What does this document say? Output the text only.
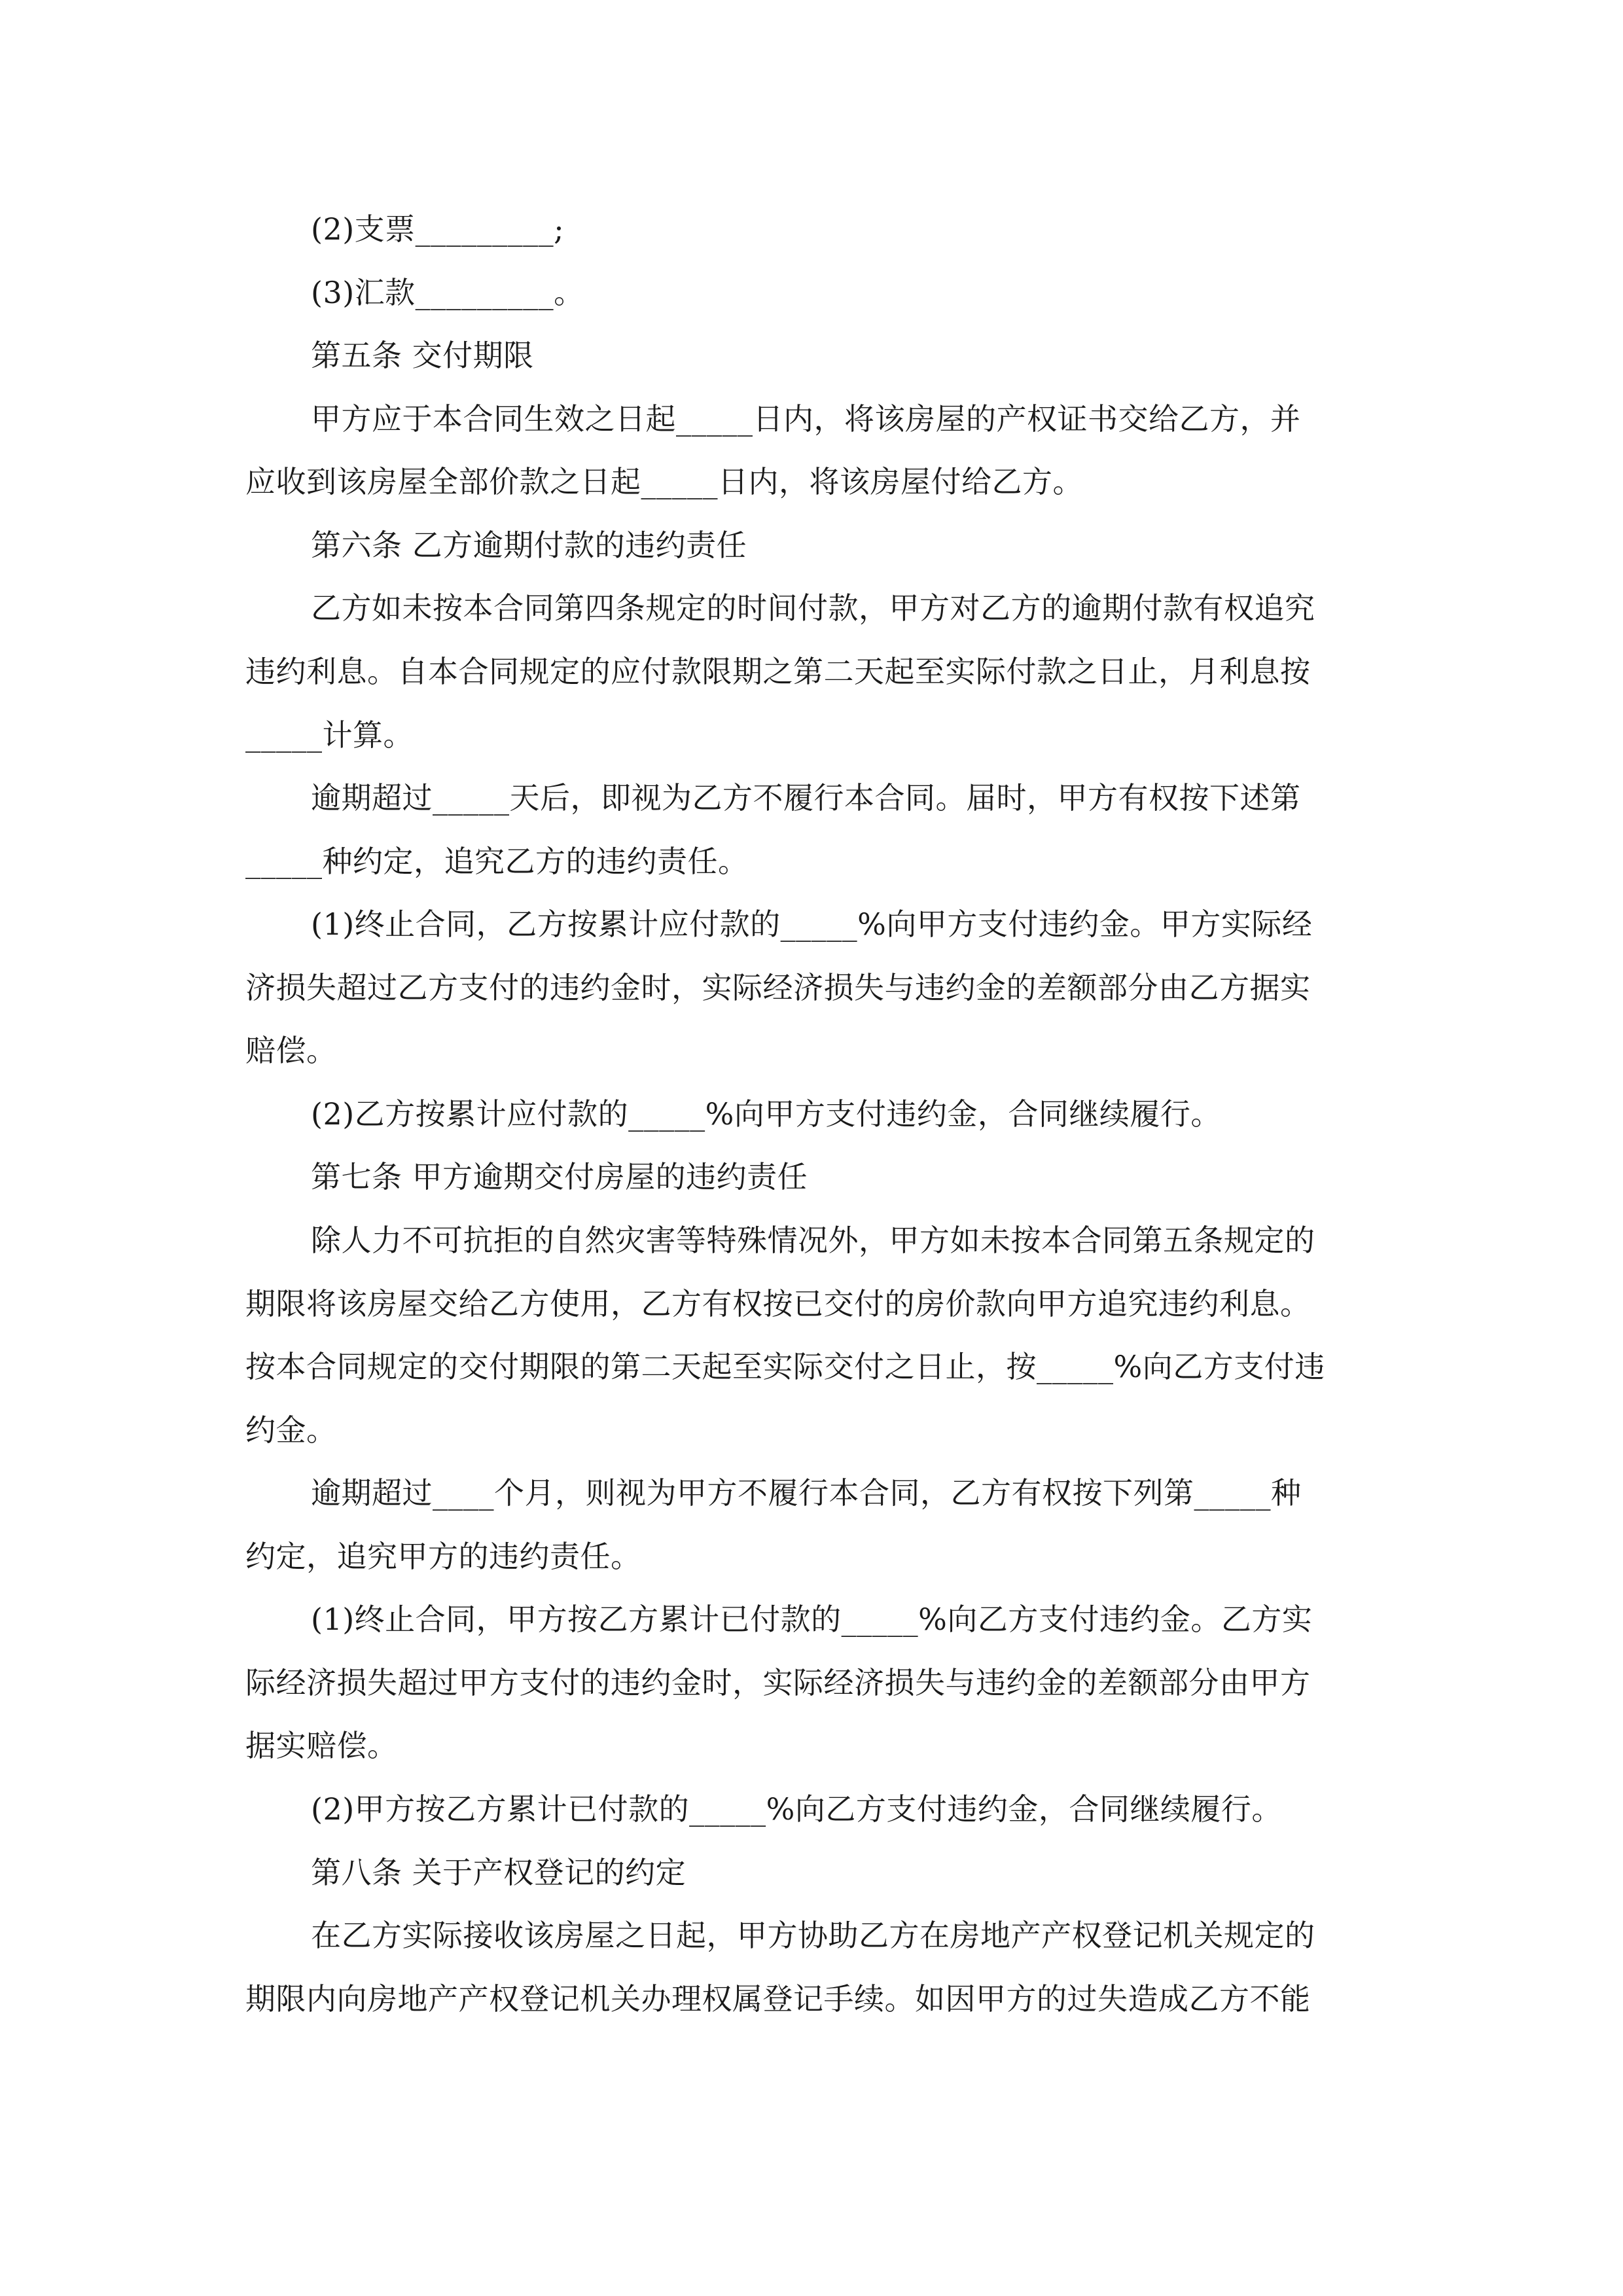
(2)支票_________;
(3)汇款_________。
第五条 交付期限
甲方应于本合同生效之日起_____日内，将该房屋的产权证书交给乙方，并
应收到该房屋全部价款之日起_____日内，将该房屋付给乙方。
第六条 乙方逾期付款的违约责任
乙方如未按本合同第四条规定的时间付款，甲方对乙方的逾期付款有权追究
违约利息。自本合同规定的应付款限期之第二天起至实际付款之日止，月利息按
_____计算。
逾期超过_____天后，即视为乙方不履行本合同。届时，甲方有权按下述第
_____种约定，追究乙方的违约责任。
(1)终止合同，乙方按累计应付款的_____%向甲方支付违约金。甲方实际经
济损失超过乙方支付的违约金时，实际经济损失与违约金的差额部分由乙方据实
赔偿。
(2)乙方按累计应付款的_____%向甲方支付违约金，合同继续履行。
第七条 甲方逾期交付房屋的违约责任
除人力不可抗拒的自然灾害等特殊情况外，甲方如未按本合同第五条规定的
期限将该房屋交给乙方使用，乙方有权按已交付的房价款向甲方追究违约利息。
按本合同规定的交付期限的第二天起至实际交付之日止，按_____%向乙方支付违
约金。
逾期超过____个月，则视为甲方不履行本合同，乙方有权按下列第_____种
约定，追究甲方的违约责任。
(1)终止合同，甲方按乙方累计已付款的_____%向乙方支付违约金。乙方实
际经济损失超过甲方支付的违约金时，实际经济损失与违约金的差额部分由甲方
据实赔偿。
(2)甲方按乙方累计已付款的_____%向乙方支付违约金，合同继续履行。
第八条 关于产权登记的约定
在乙方实际接收该房屋之日起，甲方协助乙方在房地产产权登记机关规定的
期限内向房地产产权登记机关办理权属登记手续。如因甲方的过失造成乙方不能
